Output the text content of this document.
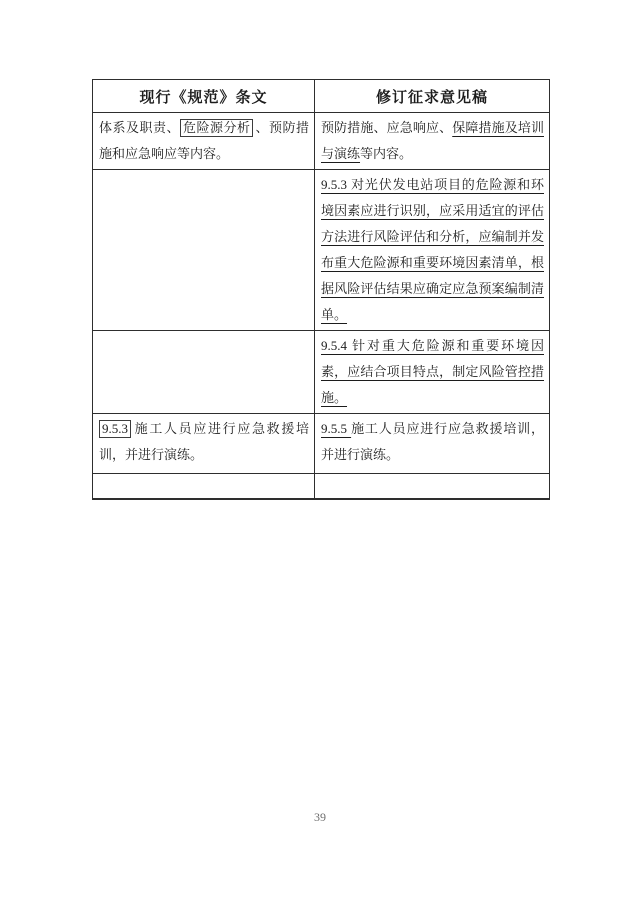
现行《规范》条文	修订征求意见稿
体系及职责、 危险源分析 、预防措施和应急响应等内容。	预防措施、应急响应、保障措施及培训与演练等内容。
	9.5.3 对光伏发电站项目的危险源和环境因素应进行识别，应采用适宜的评估方法进行风险评估和分析，应编制并发布重大危险源和重要环境因素清单，根据风险评估结果应确定应急预案编制清单。
	9.5.4 针对重大危险源和重要环境因素，应结合项目特点，制定风险管控措施。
9.5.3 施工人员应进行应急救援培训，并进行演练。	9.5.5 施工人员应进行应急救援培训，并进行演练。

39
